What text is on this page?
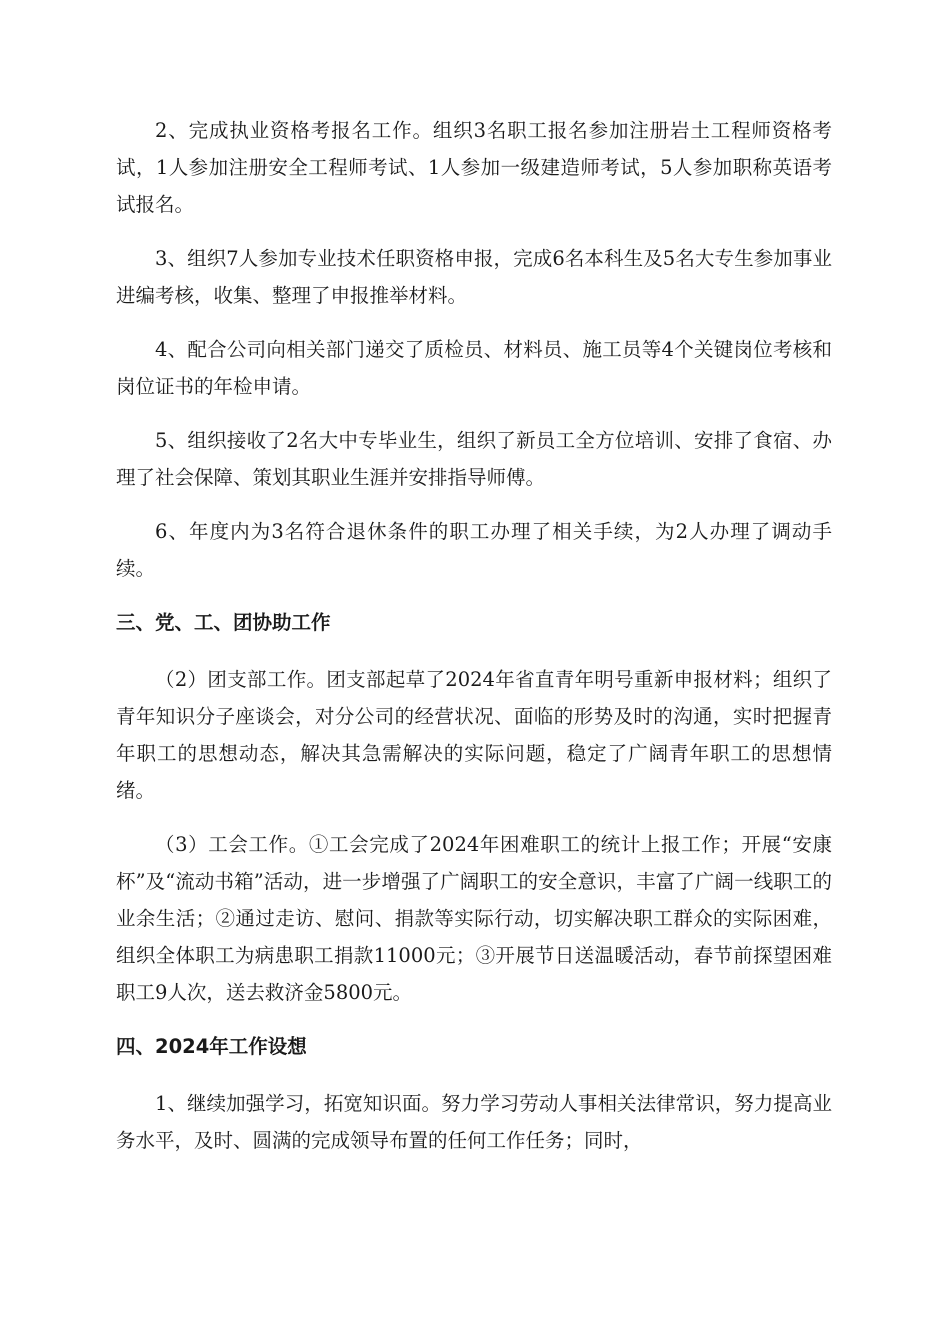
2、完成执业资格考报名工作。组织3名职工报名参加注册岩土工程师资格考试，1人参加注册安全工程师考试、1人参加一级建造师考试，5人参加职称英语考试报名。

3、组织7人参加专业技术任职资格申报，完成6名本科生及5名大专生参加事业进编考核，收集、整理了申报推举材料。

4、配合公司向相关部门递交了质检员、材料员、施工员等4个关键岗位考核和岗位证书的年检申请。

5、组织接收了2名大中专毕业生，组织了新员工全方位培训、安排了食宿、办理了社会保障、策划其职业生涯并安排指导师傅。

6、年度内为3名符合退休条件的职工办理了相关手续，为2人办理了调动手续。

三、党、工、团协助工作

（2）团支部工作。团支部起草了2024年省直青年明号重新申报材料；组织了青年知识分子座谈会，对分公司的经营状况、面临的形势及时的沟通，实时把握青年职工的思想动态，解决其急需解决的实际问题，稳定了广阔青年职工的思想情绪。

（3）工会工作。①工会完成了2024年困难职工的统计上报工作；开展“安康杯”及“流动书箱”活动，进一步增强了广阔职工的安全意识，丰富了广阔一线职工的业余生活；②通过走访、慰问、捐款等实际行动，切实解决职工群众的实际困难，组织全体职工为病患职工捐款11000元；③开展节日送温暖活动，春节前探望困难职工9人次，送去救济金5800元。

四、2024年工作设想

1、继续加强学习，拓宽知识面。努力学习劳动人事相关法律常识，努力提高业务水平，及时、圆满的完成领导布置的任何工作任务；同时，
